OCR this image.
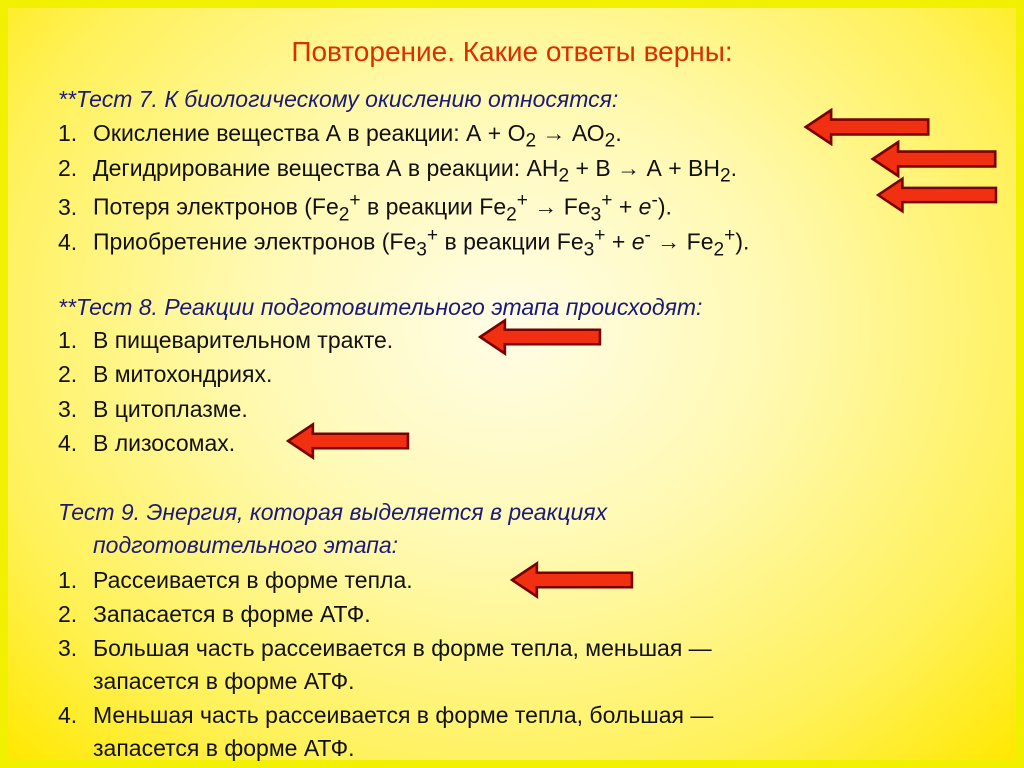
Повторение. Какие ответы верны:
**Тест 7. К биологическому окислению относятся:
1. Окисление вещества А в реакции: $А + О_2 \to АО_2$.
2. Дегидрирование вещества А в реакции: $АН_2 + В \to А + ВН_2$.
3. Потеря электронов ($Fe_2^+$ в реакции $Fe_2^+ \to Fe_3^+ + e^-$).
4. Приобретение электронов ($Fe_3^+$ в реакции $Fe_3^+ + e^- \to Fe_2^+$).
**Тест 8. Реакции подготовительного этапа происходят:
1. В пищеварительном тракте.
2. В митохондриях.
3. В цитоплазме.
4. В лизосомах.
Тест 9. Энергия, которая выделяется в реакциях
подготовительного этапа:
1. Рассеивается в форме тепла.
2. Запасается в форме АТФ.
3. Большая часть рассеивается в форме тепла, меньшая —
запасется в форме АТФ.
4. Меньшая часть рассеивается в форме тепла, большая —
запасется в форме АТФ.
